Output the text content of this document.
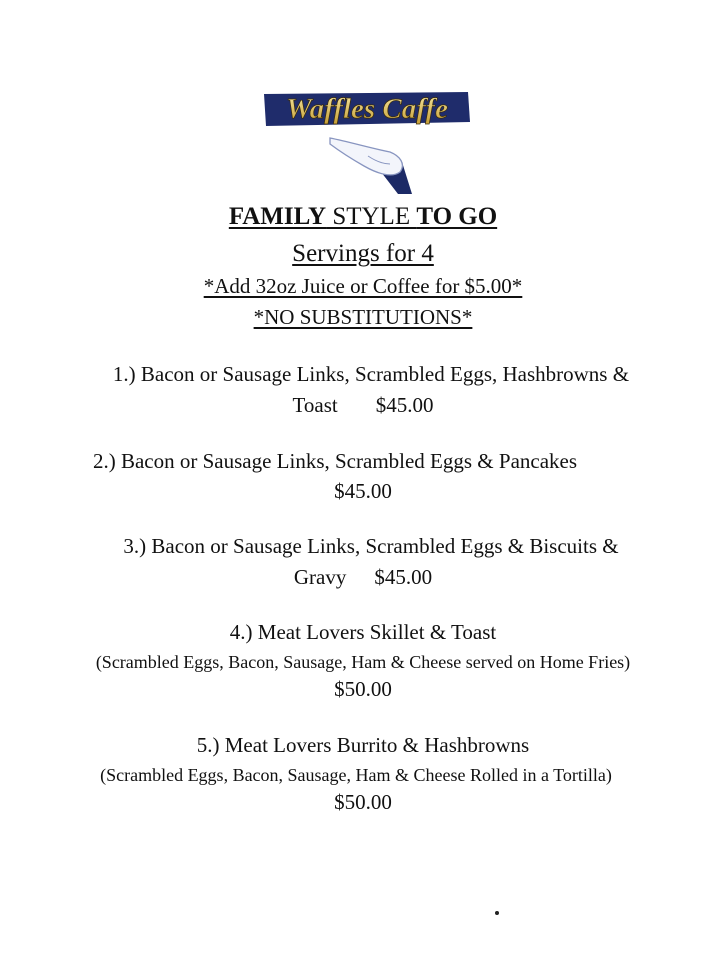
Waffles Caffe
FAMILY STYLE TO GO
Servings for 4
*Add 32oz Juice or Coffee for $5.00*
*NO SUBSTITUTIONS*
1.) Bacon or Sausage Links, Scrambled Eggs, Hashbrowns &
Toast $45.00
2.) Bacon or Sausage Links, Scrambled Eggs & Pancakes
$45.00
3.) Bacon or Sausage Links, Scrambled Eggs & Biscuits &
Gravy $45.00
4.) Meat Lovers Skillet & Toast
(Scrambled Eggs, Bacon, Sausage, Ham & Cheese served on Home Fries)
$50.00
5.) Meat Lovers Burrito & Hashbrowns
(Scrambled Eggs, Bacon, Sausage, Ham & Cheese Rolled in a Tortilla)
$50.00
